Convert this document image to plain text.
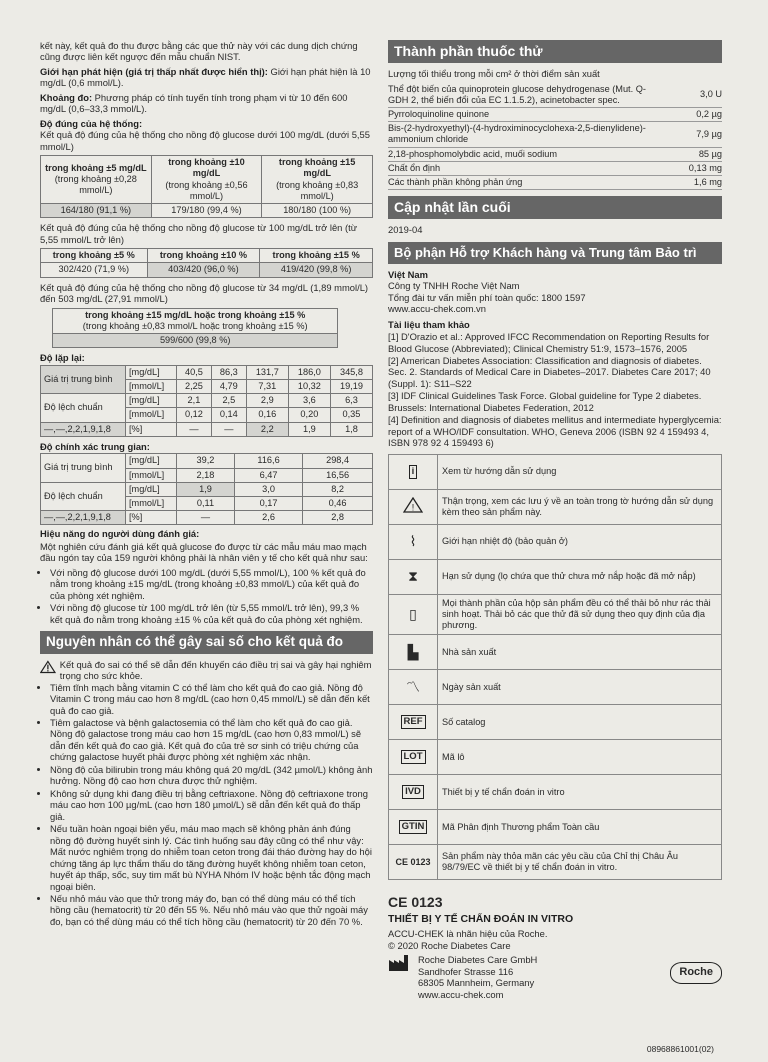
kết này, kết quả đo thu được bằng các que thử này với các dung dịch chứng cũng được liên kết ngược đến mẫu chuẩn NIST.

Giới hạn phát hiện (giá trị thấp nhất được hiển thị): Giới hạn phát hiện là 10 mg/dL (0,6 mmol/L).

Khoảng đo: Phương pháp có tính tuyến tính trong phạm vi từ 10 đến 600 mg/dL (0,6–33,3 mmol/L).

Độ đúng của hệ thống:

Kết quả độ đúng của hệ thống cho nồng độ glucose dưới 100 mg/dL (dưới 5,55 mmol/L)

trong khoảng ±5 mg/dL
(trong khoảng ±0,28 mmol/L)	trong khoảng ±10 mg/dL
(trong khoảng ±0,56 mmol/L)	trong khoảng ±15 mg/dL
(trong khoảng ±0,83 mmol/L)
164/180 (91,1 %)	179/180 (99,4 %)	180/180 (100 %)

Kết quả độ đúng của hệ thống cho nồng độ glucose từ 100 mg/dL trở lên (từ 5,55 mmol/L trở lên)

trong khoảng ±5 %	trong khoảng ±10 %	trong khoảng ±15 %
302/420 (71,9 %)	403/420 (96,0 %)	419/420 (99,8 %)

Kết quả độ đúng của hệ thống cho nồng độ glucose từ 34 mg/dL (1,89 mmol/L) đến 503 mg/dL (27,91 mmol/L)

trong khoảng ±15 mg/dL hoặc trong khoảng ±15 %
(trong khoảng ±0,83 mmol/L hoặc trong khoảng ±15 %)
599/600 (99,8 %)

Độ lặp lại:

Giá trị trung bình	[mg/dL]	40,5	86,3	131,7	186,0	345,8
	[mmol/L]	2,25	4,79	7,31	10,32	19,19
Độ lệch chuẩn	[mg/dL]	2,1	2,5	2,9	3,6	6,3
	[mmol/L]	0,12	0,14	0,16	0,20	0,35
—,—,2,2,1,9,1,8	[%]	—	—	2,2	1,9	1,8

Độ chính xác trung gian:

Giá trị trung bình	[mg/dL]	39,2	116,6	298,4
	[mmol/L]	2,18	6,47	16,56
Độ lệch chuẩn	[mg/dL]	1,9	3,0	8,2
	[mmol/L]	0,11	0,17	0,46
—,—,2,2,1,9,1,8	[%]	—	2,6	2,8

Hiệu năng do người dùng đánh giá:

Một nghiên cứu đánh giá kết quả glucose đo được từ các mẫu máu mao mạch đầu ngón tay của 159 người không phải là nhân viên y tế cho kết quả như sau:

• Với nồng độ glucose dưới 100 mg/dL (dưới 5,55 mmol/L), 100 % kết quả đo nằm trong khoảng ±15 mg/dL (trong khoảng ±0,83 mmol/L) của kết quả đo của phòng xét nghiệm.
• Với nồng độ glucose từ 100 mg/dL trở lên (từ 5,55 mmol/L trở lên), 99,3 % kết quả đo nằm trong khoảng ±15 % của kết quả đo của phòng xét nghiệm.
Nguyên nhân có thể gây sai số cho kết quả đo
Kết quả đo sai có thể sẽ dẫn đến khuyến cáo điều trị sai và gây hại nghiêm trọng cho sức khỏe.
• Tiêm tĩnh mạch bằng vitamin C có thể làm cho kết quả đo cao giả. Nồng độ Vitamin C trong máu cao hơn 8 mg/dL (cao hơn 0,45 mmol/L) sẽ dẫn đến kết quả đo cao giả.
• Tiêm galactose và bệnh galactosemia có thể làm cho kết quả đo cao giả. Nồng độ galactose trong máu cao hơn 15 mg/dL (cao hơn 0,83 mmol/L) sẽ dẫn đến kết quả đo cao giả. Kết quả đo của trẻ sơ sinh có triệu chứng của chứng galactose huyết phải được phòng xét nghiệm xác nhận.
• Nồng độ của bilirubin trong máu không quá 20 mg/dL (342 µmol/L) không ảnh hưởng. Nồng độ cao hơn chưa được thử nghiệm.
• Không sử dụng khi đang điều trị bằng ceftriaxone. Nồng độ ceftriaxone trong máu cao hơn 100 µg/mL (cao hơn 180 µmol/L) sẽ dẫn đến kết quả đo thấp giả.
• Nếu tuần hoàn ngoại biên yếu, máu mao mạch sẽ không phản ánh đúng nồng độ đường huyết sinh lý. Các tình huống sau đây cũng có thể như vậy: Mất nước nghiêm trọng do nhiễm toan ceton trong đái tháo đường hay do hội chứng tăng áp lực thẩm thấu do tăng đường huyết không nhiễm toan ceton, huyết áp thấp, sốc, suy tim mất bù NYHA Nhóm IV hoặc bệnh tắc động mạch ngoại biên.
• Nếu nhỏ máu vào que thử trong máy đo, bạn có thể dùng máu có thể tích hồng cầu (hematocrit) từ 20 đến 55 %. Nếu nhỏ máu vào que thử ngoài máy đo, bạn có thể dùng máu có thể tích hồng cầu (hematocrit) từ 20 đến 70 %.
Thành phần thuốc thử

Lượng tối thiểu trong mỗi cm² ở thời điểm sản xuất

Thể đột biến của quinoprotein glucose dehydrogenase (Mut. Q-GDH 2, thể biến đổi của EC 1.1.5.2), acinetobacter spec.	3,0 U
Pyrroloquinoline quinone	0,2 µg
Bis-(2-hydroxyethyl)-(4-hydroximinocyclohexa-2,5-dienylidene)-ammonium chloride	7,9 µg
2,18-phosphomolybdic acid, muối sodium	85 µg
Chất ổn định	0,13 mg
Các thành phần không phản ứng	1,6 mg
Cập nhật lần cuối

2019-04

Bộ phận Hỗ trợ Khách hàng và Trung tâm Bảo trì

Việt Nam

Công ty TNHH Roche Việt Nam

Tổng đài tư vấn miễn phí toàn quốc: 1800 1597

www.accu-chek.com.vn

Tài liệu tham khảo

[1] D'Orazio et al.: Approved IFCC Recommendation on Reporting Results for Blood Glucose (Abbreviated); Clinical Chemistry 51:9, 1573–1576, 2005

[2] American Diabetes Association: Classification and diagnosis of diabetes. Sec. 2. Standards of Medical Care in Diabetes–2017. Diabetes Care 2017; 40 (Suppl. 1): S11–S22

[3] IDF Clinical Guidelines Task Force. Global guideline for Type 2 diabetes. Brussels: International Diabetes Federation, 2012

[4] Definition and diagnosis of diabetes mellitus and intermediate hyperglycemia: report of a WHO/IDF consultation. WHO, Geneva 2006 (ISBN 92 4 159493 4, ISBN 978 92 4 159493 6)

i	Xem từ hướng dẫn sử dụng

!	Thận trọng, xem các lưu ý về an toàn trong tờ hướng dẫn sử dụng kèm theo sản phẩm này.
⌇	Giới hạn nhiệt độ (bảo quản ở)
⧗	Hạn sử dụng (lọ chứa que thử chưa mở nắp hoặc đã mở nắp)
▯	Mọi thành phần của hộp sản phẩm đều có thể thải bỏ như rác thải sinh hoạt. Thải bỏ các que thử đã sử dụng theo quy định của địa phương.
▙	Nhà sản xuất
〽	Ngày sản xuất
REF	Số catalog
LOT	Mã lô
IVD	Thiết bị y tế chẩn đoán in vitro
GTIN	Mã Phân định Thương phẩm Toàn cầu
CE 0123	Sản phẩm này thỏa mãn các yêu cầu của Chỉ thị Châu Âu 98/79/EC về thiết bị y tế chẩn đoán in vitro.

CE 0123

THIẾT BỊ Y TẾ CHẨN ĐOÁN IN VITRO

ACCU-CHEK là nhãn hiệu của Roche.

© 2020 Roche Diabetes Care

Roche Diabetes Care GmbH

Sandhofer Strasse 116

68305 Mannheim, Germany

www.accu-chek.com

Roche
08968861001(02)
